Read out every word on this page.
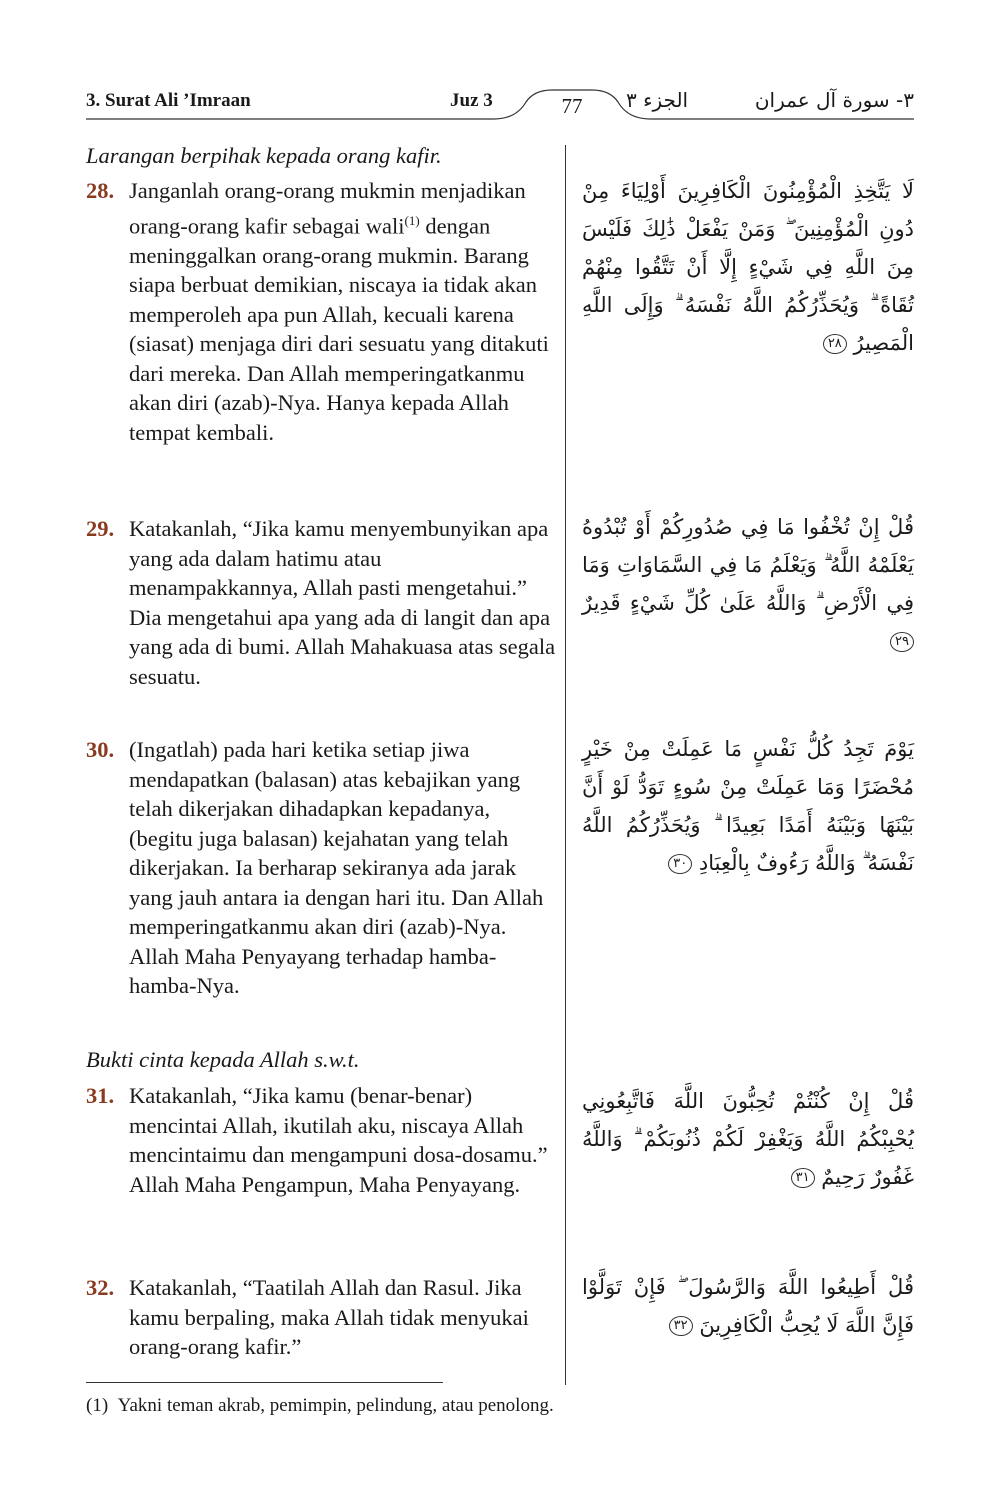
3. Surat Ali ’Imraan	Juz 3	77	الجزء ٣	٣- سورة آل عمران
Larangan berpihak kepada orang kafir.
28. Janganlah orang-orang mukmin menjadikan orang-orang kafir sebagai wali$^{(1)}$ dengan meninggalkan orang-orang mukmin. Barang siapa berbuat demikian, niscaya ia tidak akan memperoleh apa pun Allah, kecuali karena (siasat) menjaga diri dari sesuatu yang ditakuti dari mereka. Dan Allah memperingatkanmu akan diri (azab)-Nya. Hanya kepada Allah tempat kembali.
لَا يَتَّخِذِ الْمُؤْمِنُونَ الْكَافِرِينَ أَوْلِيَاءَ مِنْ دُونِ الْمُؤْمِنِينَ ۖ وَمَنْ يَفْعَلْ ذَٰلِكَ فَلَيْسَ مِنَ اللَّهِ فِي شَيْءٍ إِلَّا أَنْ تَتَّقُوا مِنْهُمْ تُقَاةً ۗ وَيُحَذِّرُكُمُ اللَّهُ نَفْسَهُ ۗ وَإِلَى اللَّهِ الْمَصِيرُ ٢٨
29. Katakanlah, “Jika kamu menyembunyikan apa yang ada dalam hatimu atau menampakkannya, Allah pasti mengetahui.” Dia mengetahui apa yang ada di langit dan apa yang ada di bumi. Allah Mahakuasa atas segala sesuatu.
قُلْ إِنْ تُخْفُوا مَا فِي صُدُورِكُمْ أَوْ تُبْدُوهُ يَعْلَمْهُ اللَّهُ ۗ وَيَعْلَمُ مَا فِي السَّمَاوَاتِ وَمَا فِي الْأَرْضِ ۗ وَاللَّهُ عَلَىٰ كُلِّ شَيْءٍ قَدِيرٌ ٢٩
30. (Ingatlah) pada hari ketika setiap jiwa mendapatkan (balasan) atas kebajikan yang telah dikerjakan dihadapkan kepadanya, (begitu juga balasan) kejahatan yang telah dikerjakan. Ia berharap sekiranya ada jarak yang jauh antara ia dengan hari itu. Dan Allah memperingatkanmu akan diri (azab)-Nya. Allah Maha Penyayang terhadap hamba-hamba-Nya.
يَوْمَ تَجِدُ كُلُّ نَفْسٍ مَا عَمِلَتْ مِنْ خَيْرٍ مُحْضَرًا وَمَا عَمِلَتْ مِنْ سُوءٍ تَوَدُّ لَوْ أَنَّ بَيْنَهَا وَبَيْنَهُ أَمَدًا بَعِيدًا ۗ وَيُحَذِّرُكُمُ اللَّهُ نَفْسَهُ ۗ وَاللَّهُ رَءُوفٌ بِالْعِبَادِ ٣٠
Bukti cinta kepada Allah s.w.t.
31. Katakanlah, “Jika kamu (benar-benar) mencintai Allah, ikutilah aku, niscaya Allah mencintaimu dan mengampuni dosa-dosamu.” Allah Maha Pengampun, Maha Penyayang.
قُلْ إِنْ كُنْتُمْ تُحِبُّونَ اللَّهَ فَاتَّبِعُونِي يُحْبِبْكُمُ اللَّهُ وَيَغْفِرْ لَكُمْ ذُنُوبَكُمْ ۗ وَاللَّهُ غَفُورٌ رَحِيمٌ ٣١
32. Katakanlah, “Taatilah Allah dan Rasul. Jika kamu berpaling, maka Allah tidak menyukai orang-orang kafir.”
قُلْ أَطِيعُوا اللَّهَ وَالرَّسُولَ ۖ فَإِنْ تَوَلَّوْا فَإِنَّ اللَّهَ لَا يُحِبُّ الْكَافِرِينَ ٣٢
(1) Yakni teman akrab, pemimpin, pelindung, atau penolong.
